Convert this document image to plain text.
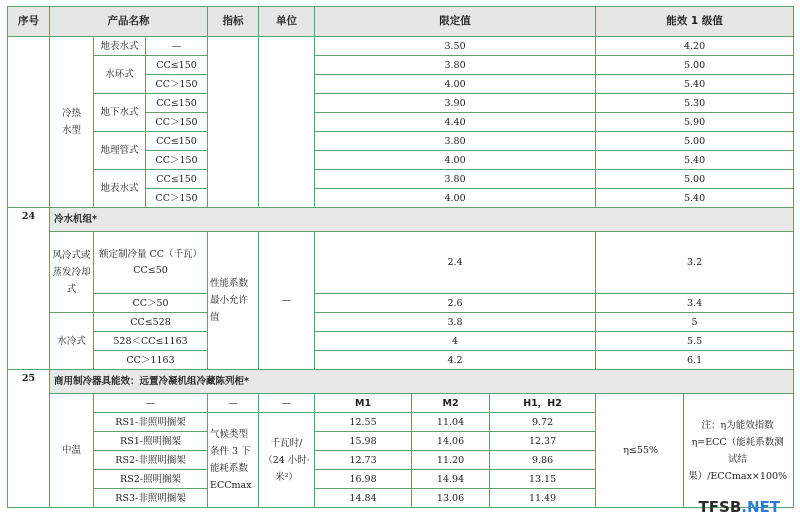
序号	产品名称			指标	单位	限定值			能效 1 级值
	冷热水型	地表水式	—			3.50			4.20
		水环式	CC≤150			3.80			5.00
			CC＞150			4.00			5.40
		地下水式	CC≤150			3.90			5.30
			CC＞150			4.40			5.90
		地理管式	CC≤150			3.80			5.00
			CC＞150			4.00			5.40
		地表水式	CC≤150			3.80			5.00
			CC＞150			4.00			5.40
24	冷水机组*								
	风冷式或蒸发冷却式	额定制冷量 CC（千瓦）CC≤50		性能系数最小允许值	—	2.4			3.2
		CC＞50				2.6			3.4
	水冷式	CC≤528				3.8			5
		528＜CC≤1163				4			5.5
		CC＞1163				4.2			6.1
25	商用制冷器具能效：远置冷凝机组冷藏陈列柜*								
	中温	—		—	—	M1	M2	H1，H2	η≤55%
注：η为能效指数 η=ECC（能耗系数测试结果）/ECCmax×100%

		RS1-非照明搁架		气候类型条件 3 下能耗系数 ECCmax	千瓦时/（24 小时·米²）	12.55	11.04	9.72	
		RS1-照明搁架				15.98	14.06	12.37	
		RS2-非照明搁架				12.73	11.20	9.86	
		RS2-照明搁架				16.98	14.94	13.15	
		RS3-非照明搁架				14.84	13.06	11.49		TFSB.NET
